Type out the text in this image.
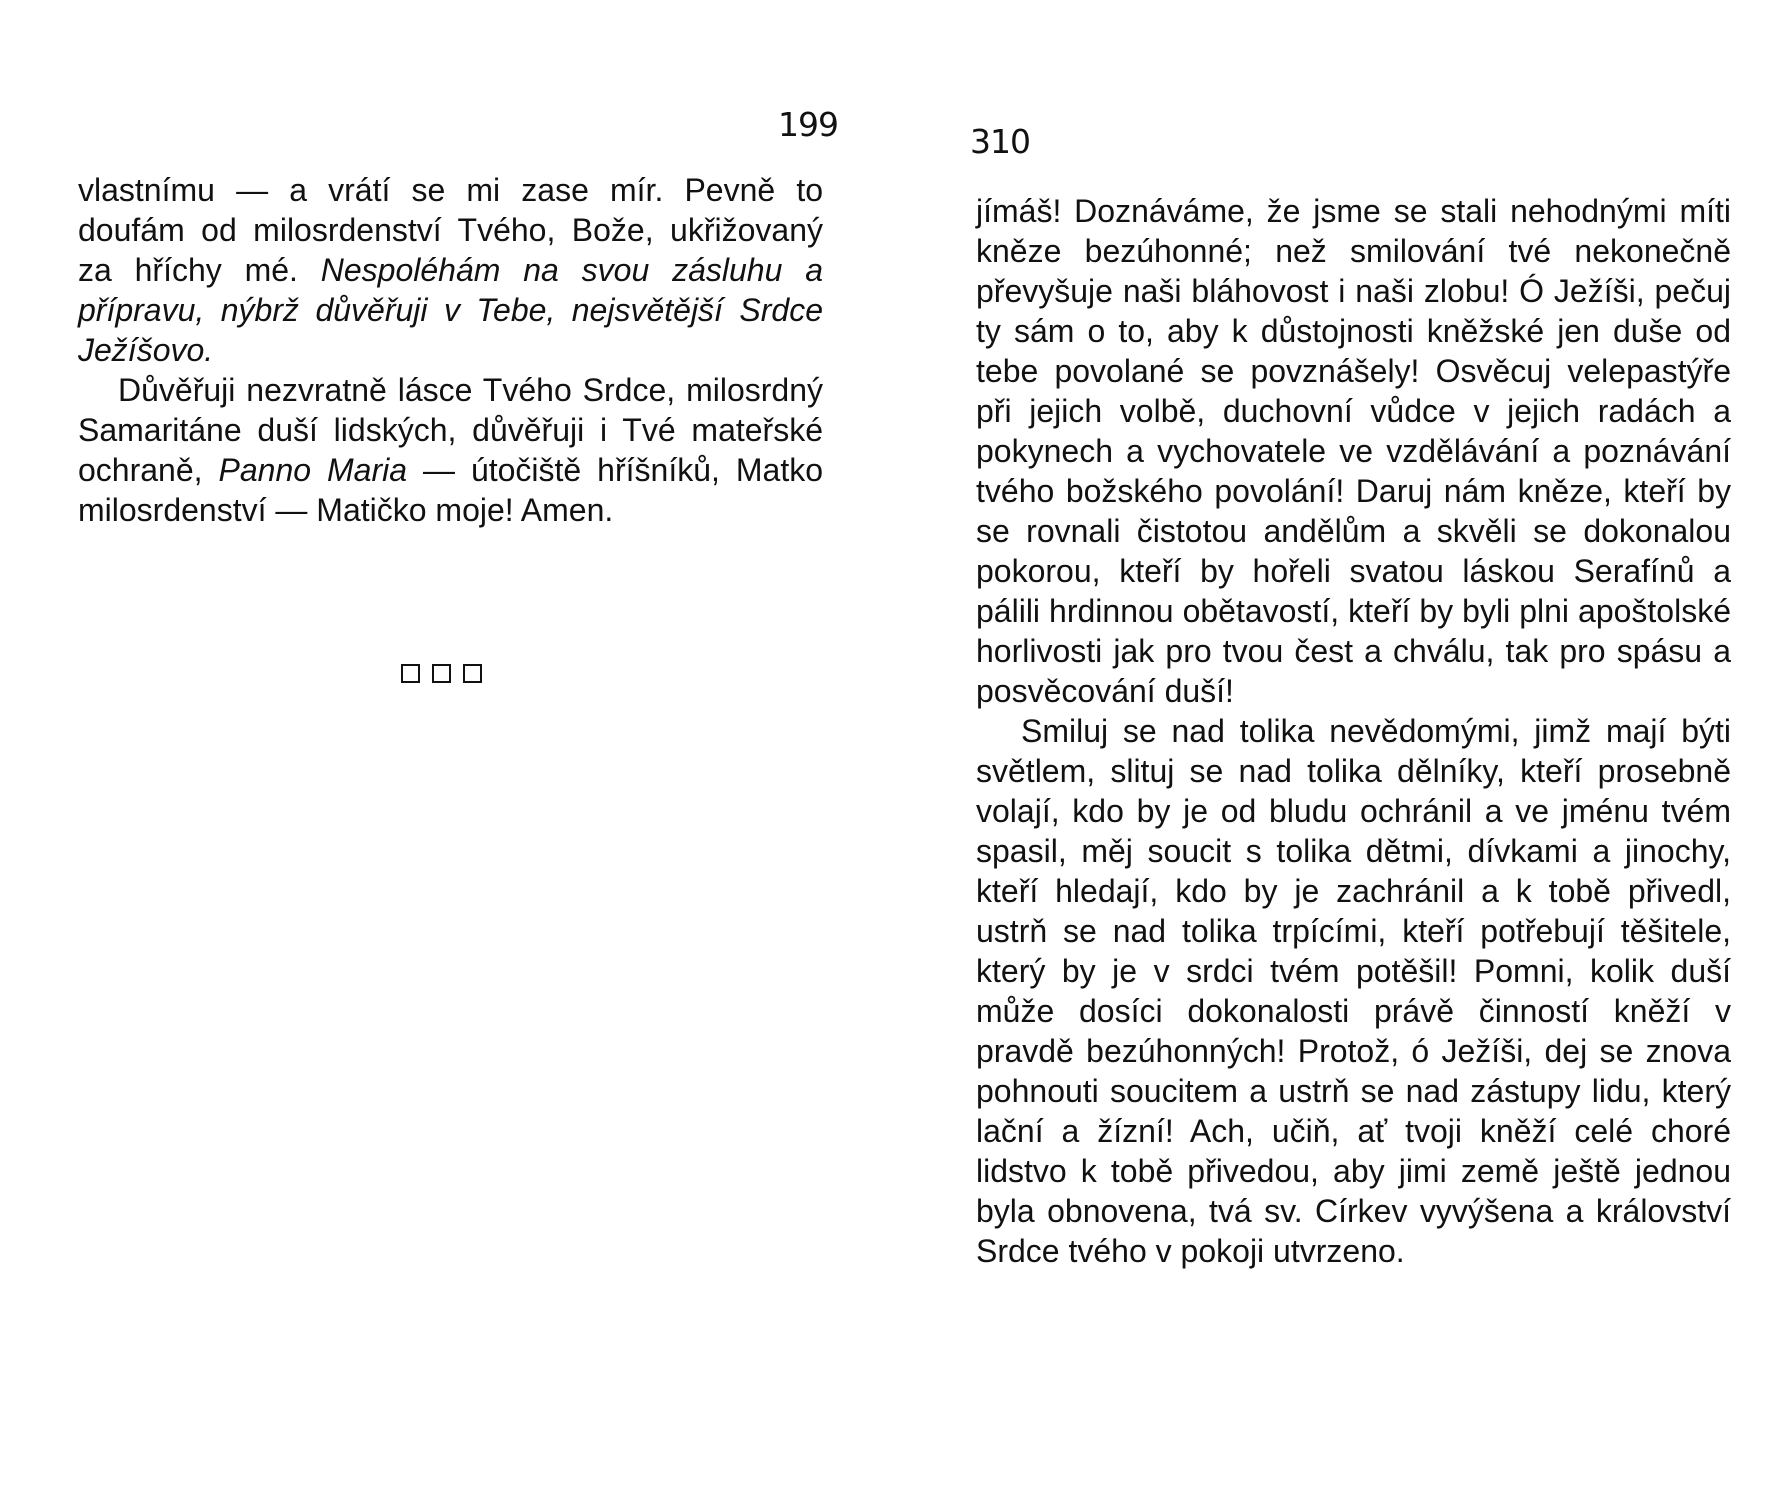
199

vlastnímu — a vrátí se mi zase mír. Pevně to doufám od milosrdenství Tvého, Bože, ukřižovaný za hříchy mé. Nespoléhám na svou zásluhu a přípravu, nýbrž důvěřuji v Tebe, nejsvětější Srdce Ježíšovo.

Důvěřuji nezvratně lásce Tvého Srdce, milosrdný Samaritáne duší lidských, důvěřuji i Tvé mateřské ochraně, Panno Maria — útočiště hříšníků, Matko milosrdenství — Matičko moje! Amen.

310

jímáš! Doznáváme, že jsme se stali nehodnými míti kněze bezúhonné; než smilování tvé nekonečně převyšuje naši bláhovost i naši zlobu! Ó Ježíši, pečuj ty sám o to, aby k důstojnosti kněžské jen duše od tebe povolané se povznášely! Osvěcuj velepastýře při jejich volbě, duchovní vůdce v jejich radách a pokynech a vychovatele ve vzdělávání a poznávání tvého božského povolání! Daruj nám kněze, kteří by se rovnali čistotou andělům a skvěli se dokonalou pokorou, kteří by hořeli svatou láskou Serafínů a pálili hrdinnou obětavostí, kteří by byli plni apoštolské horlivosti jak pro tvou čest a chválu, tak pro spásu a posvěcování duší!

Smiluj se nad tolika nevědomými, jimž mají býti světlem, slituj se nad tolika dělníky, kteří prosebně volají, kdo by je od bludu ochránil a ve jménu tvém spasil, měj soucit s tolika dětmi, dívkami a jinochy, kteří hledají, kdo by je zachránil a k tobě přivedl, ustrň se nad tolika trpícími, kteří potřebují těšitele, který by je v srdci tvém potěšil! Pomni, kolik duší může dosíci dokonalosti právě činností kněží v pravdě bezúhonných! Protož, ó Ježíši, dej se znova pohnouti soucitem a ustrň se nad zástupy lidu, který lační a žízní! Ach, učiň, ať tvoji kněží celé choré lidstvo k tobě přivedou, aby jimi země ještě jednou byla obnovena, tvá sv. Církev vyvýšena a království Srdce tvého v pokoji utvrzeno.
